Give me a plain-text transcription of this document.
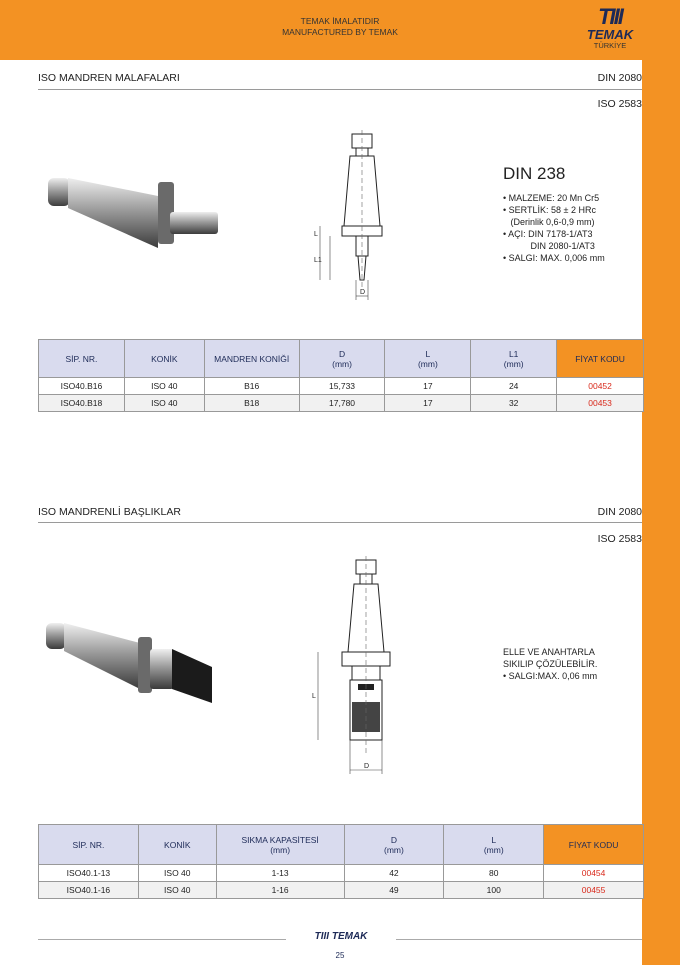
TEMAK İMALATIDIR
MANUFACTURED BY TEMAK
TIII
TEMAK
TÜRKİYE
ISO MANDREN MALAFALARI	DIN 2080
ISO 2583
L
L1
D
DIN 238
• MALZEME: 20 Mn Cr5
• SERTLİK: 58 ± 2 HRc
(Derinlik 0,6-0,9 mm)
• AÇI: DIN 7178-1/AT3
DIN 2080-1/AT3
• SALGI: MAX. 0,006 mm
SİP. NR.	KONİK	MANDREN KONİĞİ	D
(mm)	L
(mm)	L1
(mm)	FİYAT KODU
ISO40.B16	ISO 40	B16	15,733	17	24	00452
ISO40.B18	ISO 40	B18	17,780	17	32	00453
ISO MANDRENLİ BAŞLIKLAR	DIN 2080
ISO 2583
L
D
ELLE VE ANAHTARLA
SIKILIP ÇÖZÜLEBİLİR.
• SALGI:MAX. 0,06 mm
SİP. NR.	KONİK	SIKMA KAPASİTESİ
(mm)	D
(mm)	L
(mm)	FİYAT KODU
ISO40.1-13	ISO 40	1-13	42	80	00454
ISO40.1-16	ISO 40	1-16	49	100	00455
TIII TEMAK
25
